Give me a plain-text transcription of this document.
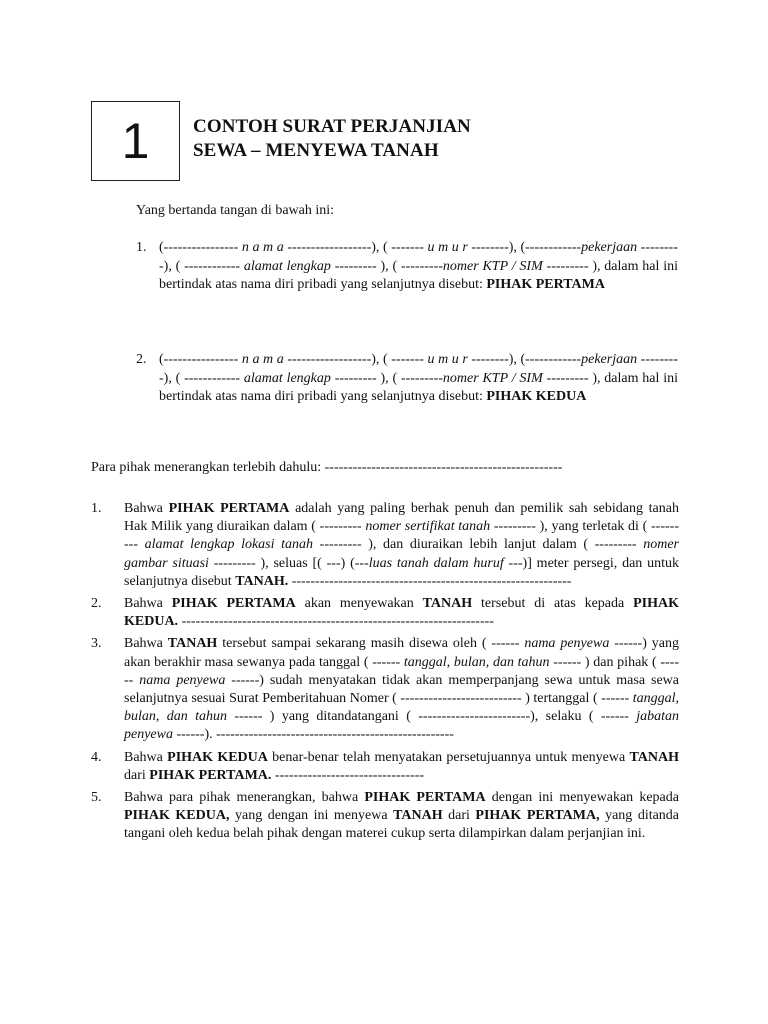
1 CONTOH SURAT PERJANJIAN
SEWA – MENYEWA TANAH
Yang bertanda tangan di bawah ini:
1. (---------------- n a m a ------------------), ( ------- u m u r --------), (------------pekerjaan ---------), ( ------------ alamat lengkap --------- ), ( ---------nomer KTP / SIM --------- ), dalam hal ini bertindak atas nama diri pribadi yang selanjutnya disebut: PIHAK PERTAMA
2. (---------------- n a m a ------------------), ( ------- u m u r --------), (------------pekerjaan ---------), ( ------------ alamat lengkap --------- ), ( ---------nomer KTP / SIM --------- ), dalam hal ini bertindak atas nama diri pribadi yang selanjutnya disebut: PIHAK KEDUA
Para pihak menerangkan terlebih dahulu: ---------------------------------------------------
1. Bahwa PIHAK PERTAMA adalah yang paling berhak penuh dan pemilik sah sebidang tanah Hak Milik yang diuraikan dalam ( --------- nomer sertifikat tanah --------- ), yang terletak di ( --------- alamat lengkap lokasi tanah --------- ), dan diuraikan lebih lanjut dalam ( --------- nomer gambar situasi --------- ), seluas [( ---) (---luas tanah dalam huruf ---)] meter persegi, dan untuk selanjutnya disebut TANAH. ------------------------------------------------------------
2. Bahwa PIHAK PERTAMA akan menyewakan TANAH tersebut di atas kepada PIHAK KEDUA. -------------------------------------------------------------------
3. Bahwa TANAH tersebut sampai sekarang masih disewa oleh ( ------ nama penyewa ------) yang akan berakhir masa sewanya pada tanggal ( ------ tanggal, bulan, dan tahun ------ ) dan pihak ( ------ nama penyewa ------) sudah menyatakan tidak akan memperpanjang sewa untuk masa sewa selanjutnya sesuai Surat Pemberitahuan Nomer ( -------------------------- ) tertanggal ( ------ tanggal, bulan, dan tahun ------ ) yang ditandatangani ( ------------------------), selaku ( ------ jabatan penyewa ------). ---------------------------------------------------
4. Bahwa PIHAK KEDUA benar-benar telah menyatakan persetujuannya untuk menyewa TANAH dari PIHAK PERTAMA. --------------------------------
5. Bahwa para pihak menerangkan, bahwa PIHAK PERTAMA dengan ini menyewakan kepada PIHAK KEDUA, yang dengan ini menyewa TANAH dari PIHAK PERTAMA, yang ditanda tangani oleh kedua belah pihak dengan materei cukup serta dilampirkan dalam perjanjian ini.
